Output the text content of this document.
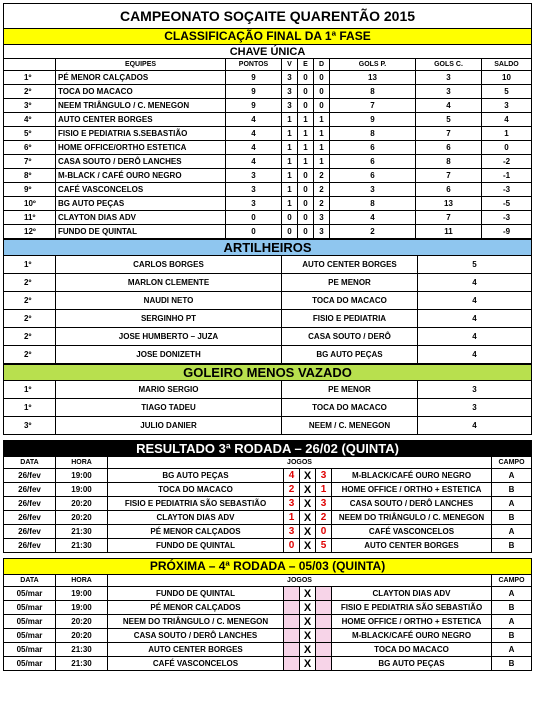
CAMPEONATO SOÇAITE QUARENTÃO 2015								
CLASSIFICAÇÃO FINAL DA 1ª FASE								
CHAVE ÚNICA								
	EQUIPES	PONTOS	V	E	D	GOLS P.	GOLS C.	SALDO
1º	PÉ MENOR CALÇADOS	9	3	0	0	13	3	10
2º	TOCA DO MACACO	9	3	0	0	8	3	5
3º	NEEM TRIÂNGULO / C. MENEGON	9	3	0	0	7	4	3
4º	AUTO CENTER BORGES	4	1	1	1	9	5	4
5º	FISIO E PEDIATRIA S.SEBASTIÃO	4	1	1	1	8	7	1
6º	HOME OFFICE/ORTHO ESTETICA	4	1	1	1	6	6	0
7º	CASA SOUTO / DERÔ LANCHES	4	1	1	1	6	8	-2
8º	M-BLACK / CAFÉ OURO NEGRO	3	1	0	2	6	7	-1
9º	CAFÉ VASCONCELOS	3	1	0	2	3	6	-3
10º	BG AUTO PEÇAS	3	1	0	2	8	13	-5
11º	CLAYTON DIAS ADV	0	0	0	3	4	7	-3
12º	FUNDO DE QUINTAL	0	0	0	3	2	11	-9
ARTILHEIROS			
1º	CARLOS BORGES	AUTO CENTER BORGES	5
2º	MARLON CLEMENTE	PE MENOR	4
2º	NAUDI NETO	TOCA DO MACACO	4
2º	SERGINHO PT	FISIO E PEDIATRIA	4
2º	JOSE HUMBERTO – JUZA	CASA SOUTO / DERÔ	4
2º	JOSE DONIZETH	BG AUTO PEÇAS	4
GOLEIRO MENOS VAZADO			
1º	MARIO SERGIO	PE MENOR	3
1º	TIAGO TADEU	TOCA DO MACACO	3
3º	JULIO DANIER	NEEM / C. MENEGON	4

RESULTADO 3ª RODADA – 26/02 (QUINTA)							
DATA	HORA	JOGOS					CAMPO
26/fev	19:00	BG AUTO PEÇAS	4	X	3	M-BLACK/CAFÉ OURO NEGRO	A
26/fev	19:00	TOCA DO MACACO	2	X	1	HOME OFFICE / ORTHO + ESTETICA	B
26/fev	20:20	FISIO E PEDIATRIA SÃO SEBASTIÃO	3	X	3	CASA SOUTO / DERÔ LANCHES	A
26/fev	20:20	CLAYTON DIAS ADV	1	X	2	NEEM DO TRIÂNGULO / C. MENEGON	B
26/fev	21:30	PÉ MENOR CALÇADOS	3	X	0	CAFÉ VASCONCELOS	A
26/fev	21:30	FUNDO DE QUINTAL	0	X	5	AUTO CENTER BORGES	B

PRÓXIMA – 4ª RODADA – 05/03 (QUINTA)							
DATA	HORA	JOGOS					CAMPO
05/mar	19:00	FUNDO DE QUINTAL		X		CLAYTON DIAS ADV	A
05/mar	19:00	PÉ MENOR CALÇADOS		X		FISIO E PEDIATRIA SÃO SEBASTIÃO	B
05/mar	20:20	NEEM DO TRIÂNGULO / C. MENEGON		X		HOME OFFICE / ORTHO + ESTETICA	A
05/mar	20:20	CASA SOUTO / DERÔ LANCHES		X		M-BLACK/CAFÉ OURO NEGRO	B
05/mar	21:30	AUTO CENTER BORGES		X		TOCA DO MACACO	A
05/mar	21:30	CAFÉ VASCONCELOS		X		BG AUTO PEÇAS	B
